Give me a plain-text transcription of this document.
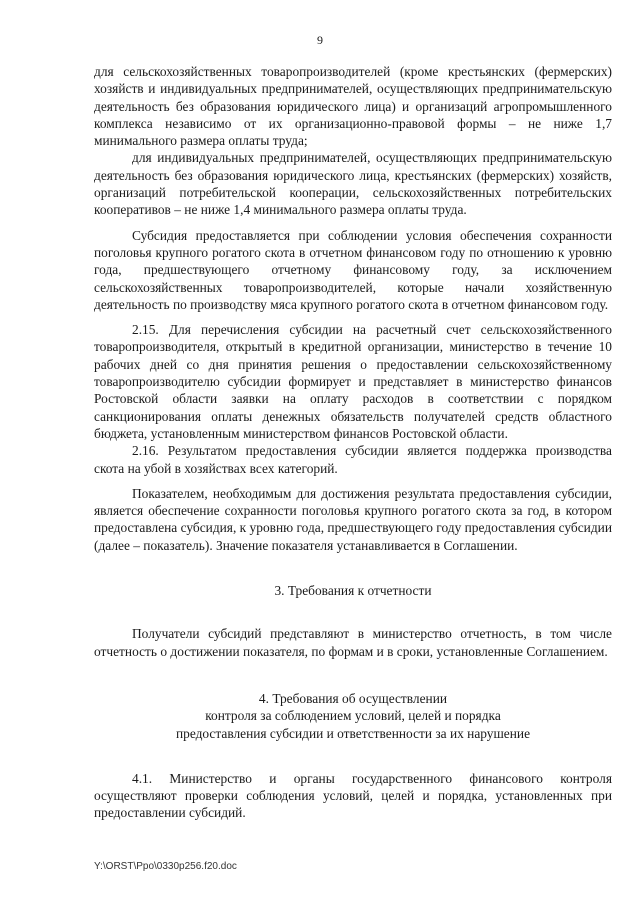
9

для сельскохозяйственных товаропроизводителей (кроме крестьянских (фермерских) хозяйств и индивидуальных предпринимателей, осуществляющих предпринимательскую деятельность без образования юридического лица) и организаций агропромышленного комплекса независимо от их организационно-правовой формы – не ниже 1,7 минимального размера оплаты труда;

для индивидуальных предпринимателей, осуществляющих предпринимательскую деятельность без образования юридического лица, крестьянских (фермерских) хозяйств, организаций потребительской кооперации, сельскохозяйственных потребительских кооперативов – не ниже 1,4 минимального размера оплаты труда.

Субсидия предоставляется при соблюдении условия обеспечения сохранности поголовья крупного рогатого скота в отчетном финансовом году по отношению к уровню года, предшествующего отчетному финансовому году, за исключением сельскохозяйственных товаропроизводителей, которые начали хозяйственную деятельность по производству мяса крупного рогатого скота в отчетном финансовом году.

2.15. Для перечисления субсидии на расчетный счет сельскохозяйственного товаропроизводителя, открытый в кредитной организации, министерство в течение 10 рабочих дней со дня принятия решения о предоставлении сельскохозяйственному товаропроизводителю субсидии формирует и представляет в министерство финансов Ростовской области заявки на оплату расходов в соответствии с порядком санкционирования оплаты денежных обязательств получателей средств областного бюджета, установленным министерством финансов Ростовской области.

2.16. Результатом предоставления субсидии является поддержка производства скота на убой в хозяйствах всех категорий.

Показателем, необходимым для достижения результата предоставления субсидии, является обеспечение сохранности поголовья крупного рогатого скота за год, в котором предоставлена субсидия, к уровню года, предшествующего году предоставления субсидии (далее – показатель). Значение показателя устанавливается в Соглашении.

3. Требования к отчетности

Получатели субсидий представляют в министерство отчетность, в том числе отчетность о достижении показателя, по формам и в сроки, установленные Соглашением.

4. Требования об осуществлении

контроля за соблюдением условий, целей и порядка

предоставления субсидии и ответственности за их нарушение

4.1. Министерство и органы государственного финансового контроля осуществляют проверки соблюдения условий, целей и порядка, установленных при предоставлении субсидий.

Y:\ORST\Ppo\0330p256.f20.doc
